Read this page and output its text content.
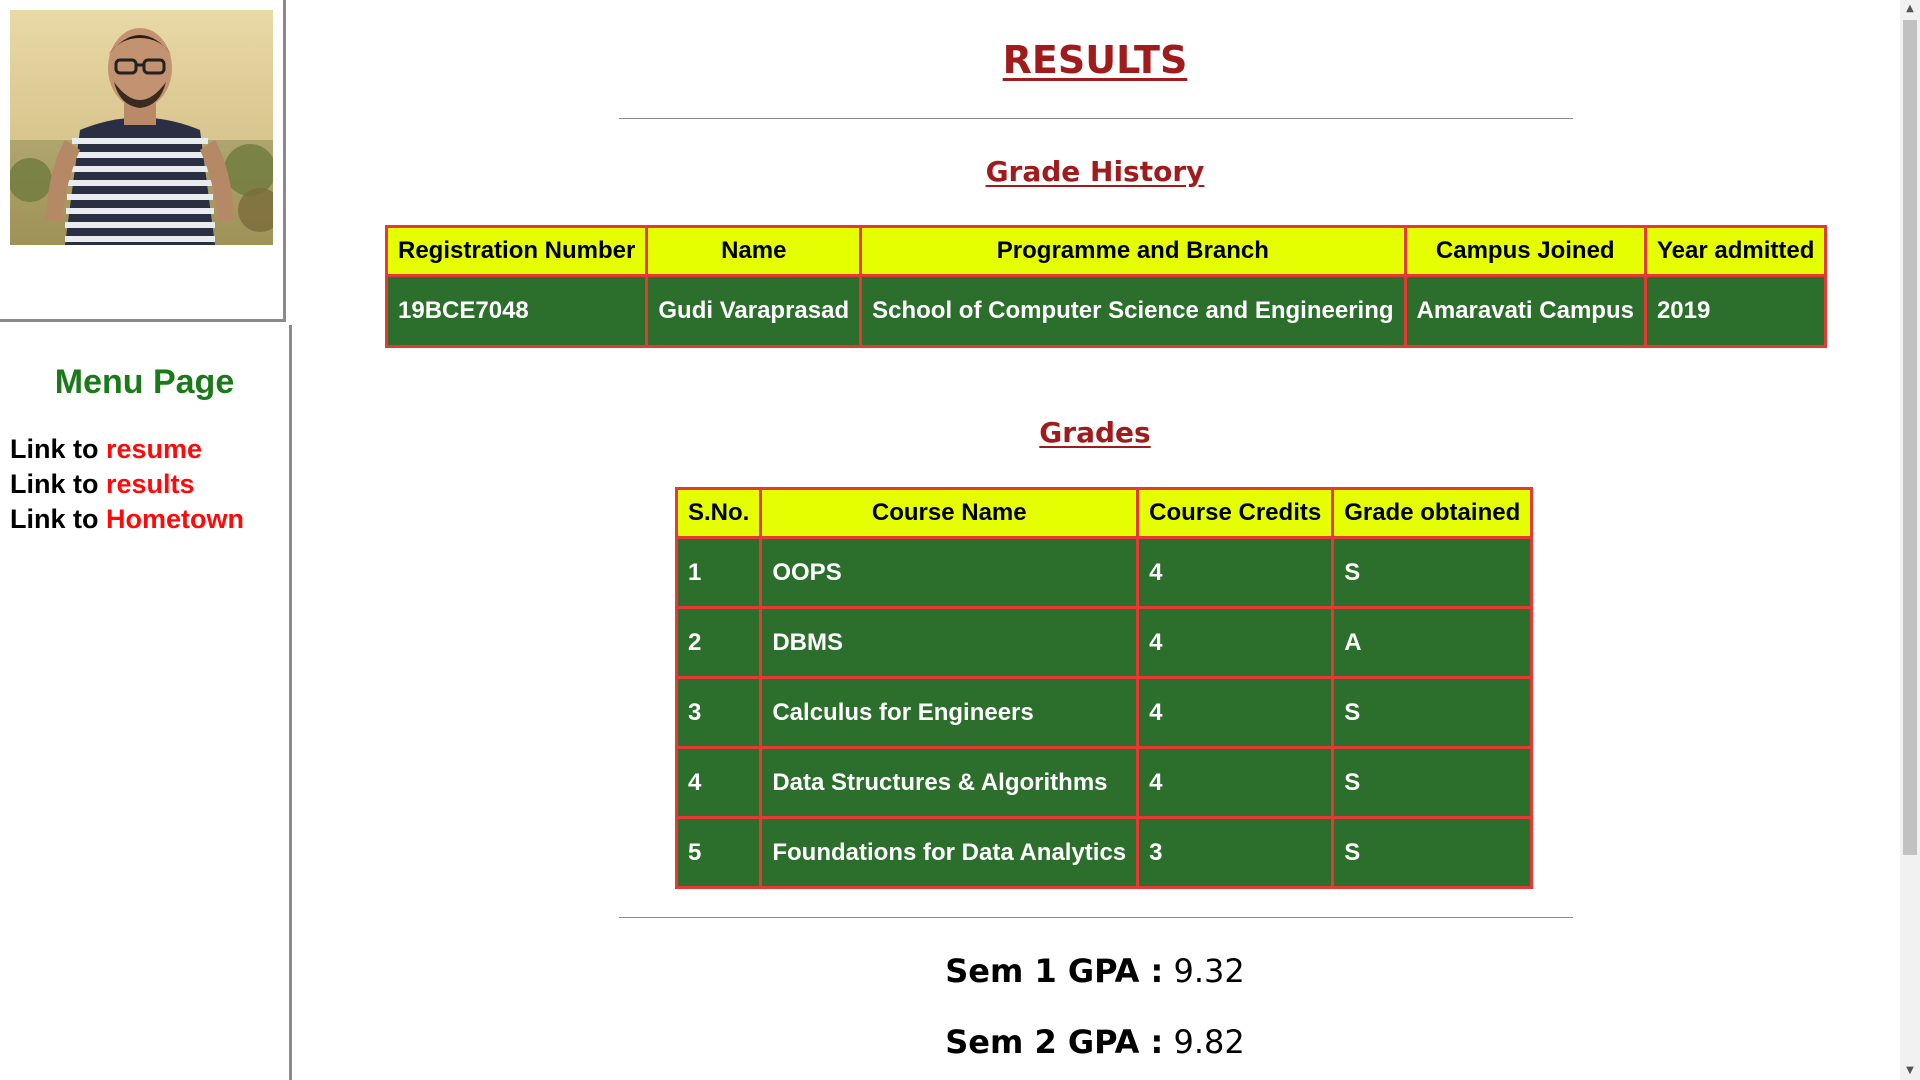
Menu Page
Link to resume
Link to results
Link to Hometown
RESULTS
Grade History
Registration Number	Name	Programme and Branch	Campus Joined	Year admitted
19BCE7048	Gudi Varaprasad	School of Computer Science and Engineering	Amaravati Campus	2019
Grades
S.No.	Course Name	Course Credits	Grade obtained
1	OOPS	4	S
2	DBMS	4	A
3	Calculus for Engineers	4	S
4	Data Structures & Algorithms	4	S
5	Foundations for Data Analytics	3	S
Sem 1 GPA : 9.32
Sem 2 GPA : 9.82
▲
▼
